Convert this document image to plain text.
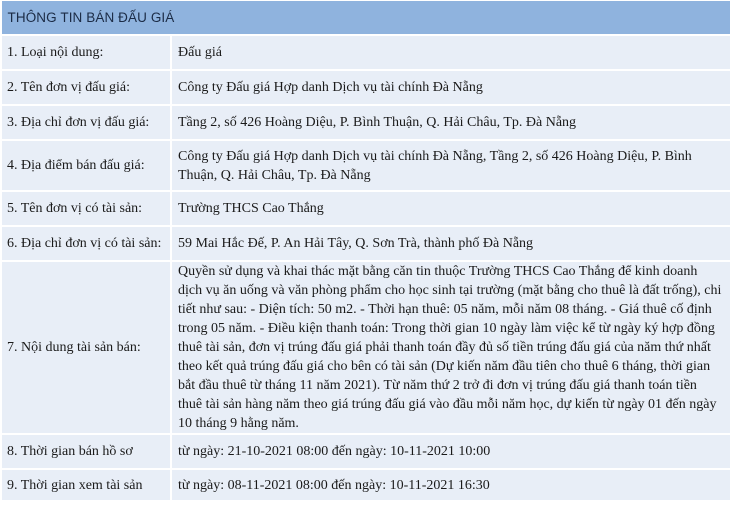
THÔNG TIN BÁN ĐẤU GIÁ	
1. Loại nội dung:	Đấu giá
2. Tên đơn vị đấu giá:	Công ty Đấu giá Hợp danh Dịch vụ tài chính Đà Nẵng
3. Địa chỉ đơn vị đấu giá:	Tầng 2, số 426 Hoàng Diệu, P. Bình Thuận, Q. Hải Châu, Tp. Đà Nẵng
4. Địa điểm bán đấu giá:	Công ty Đấu giá Hợp danh Dịch vụ tài chính Đà Nẵng, Tầng 2, số 426 Hoàng Diệu, P. Bình Thuận, Q. Hải Châu, Tp. Đà Nẵng
5. Tên đơn vị có tài sản:	Trường THCS Cao Thắng
6. Địa chỉ đơn vị có tài sản:	59 Mai Hắc Đế, P. An Hải Tây, Q. Sơn Trà, thành phố Đà Nẵng
7. Nội dung tài sản bán:	Quyền sử dụng và khai thác mặt bằng căn tin thuộc Trường THCS Cao Thắng để kinh doanh dịch vụ ăn uống và văn phòng phẩm cho học sinh tại trường (mặt bằng cho thuê là đất trống), chi tiết như sau: - Diện tích: 50 m2. - Thời hạn thuê: 05 năm, mỗi năm 08 tháng. - Giá thuê cố định trong 05 năm. - Điều kiện thanh toán: Trong thời gian 10 ngày làm việc kể từ ngày ký hợp đồng thuê tài sản, đơn vị trúng đấu giá phải thanh toán đầy đủ số tiền trúng đấu giá của năm thứ nhất theo kết quả trúng đấu giá cho bên có tài sản (Dự kiến năm đầu tiên cho thuê 6 tháng, thời gian bắt đầu thuê từ tháng 11 năm 2021). Từ năm thứ 2 trở đi đơn vị trúng đấu giá thanh toán tiền thuê tài sản hàng năm theo giá trúng đấu giá vào đầu mỗi năm học, dự kiến từ ngày 01 đến ngày 10 tháng 9 hằng năm.
8. Thời gian bán hồ sơ	từ ngày: 21-10-2021 08:00 đến ngày: 10-11-2021 10:00
9. Thời gian xem tài sản	từ ngày: 08-11-2021 08:00 đến ngày: 10-11-2021 16:30
